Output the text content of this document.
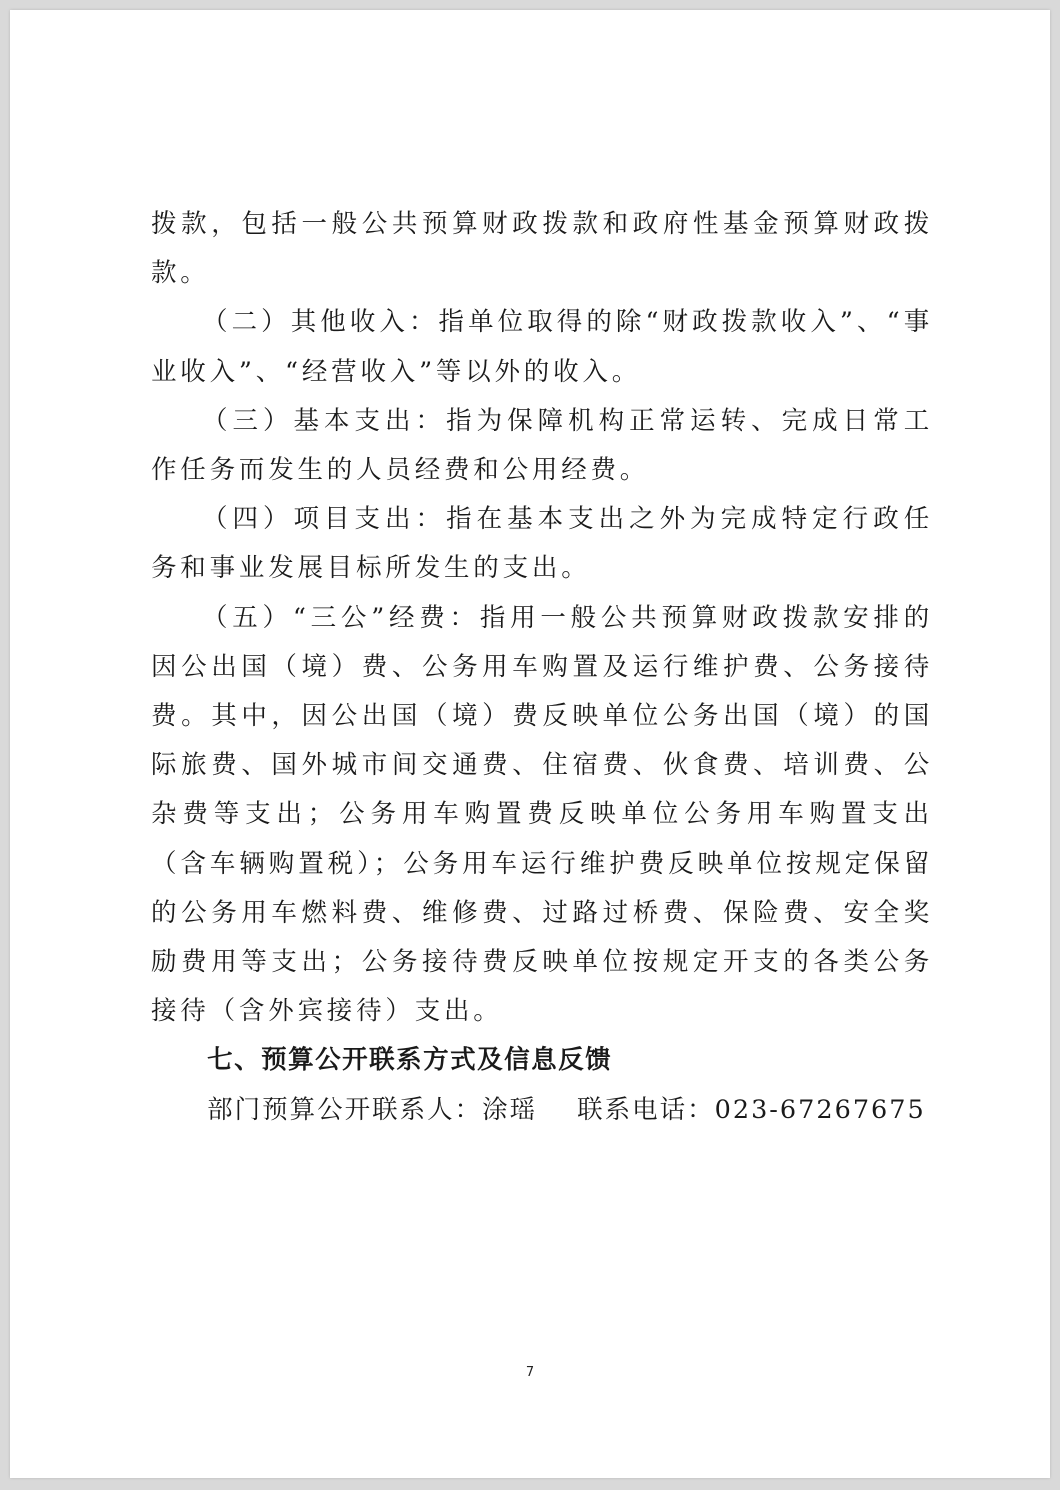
拨款，包括一般公共预算财政拨款和政府性基金预算财政拨款。

（二）其他收入：指单位取得的除“财政拨款收入”、“事业收入”、“经营收入”等以外的收入。

（三）基本支出：指为保障机构正常运转、完成日常工作任务而发生的人员经费和公用经费。

（四）项目支出：指在基本支出之外为完成特定行政任务和事业发展目标所发生的支出。

（五）“三公”经费：指用一般公共预算财政拨款安排的因公出国（境）费、公务用车购置及运行维护费、公务接待费。其中，因公出国（境）费反映单位公务出国（境）的国际旅费、国外城市间交通费、住宿费、伙食费、培训费、公杂费等支出；公务用车购置费反映单位公务用车购置支出（含车辆购置税）；公务用车运行维护费反映单位按规定保留的公务用车燃料费、维修费、过路过桥费、保险费、安全奖励费用等支出；公务接待费反映单位按规定开支的各类公务接待（含外宾接待）支出。

七、预算公开联系方式及信息反馈

部门预算公开联系人：涂瑶 联系电话：023-67267675

7
